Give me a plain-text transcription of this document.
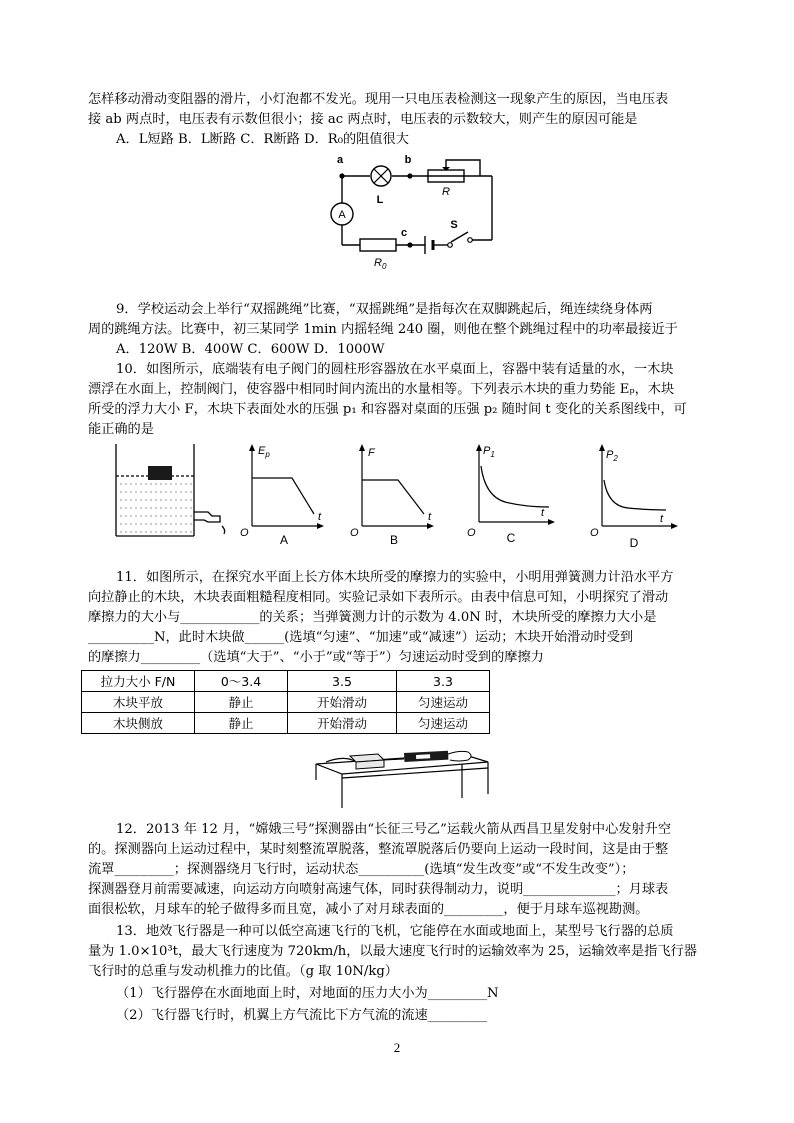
怎样移动滑动变阻器的滑片，小灯泡都不发光。现用一只电压表检测这一现象产生的原因，当电压表
接 ab 两点时，电压表有示数但很小；接 ac 两点时，电压表的示数较大，则产生的原因可能是
A．L短路 B．L断路 C．R断路 D．R₀的阻值很大
A
a	b
c
L
R
S
$R_0$
9．学校运动会上举行“双摇跳绳”比赛，“双摇跳绳”是指每次在双脚跳起后，绳连续绕身体两
周的跳绳方法。比赛中，初三某同学 1min 内摇轻绳 240 圈，则他在整个跳绳过程中的功率最接近于
A．120W B．400W C．600W D．1000W
10．如图所示，底端装有电子阀门的圆柱形容器放在水平桌面上，容器中装有适量的水，一木块
漂浮在水面上，控制阀门，使容器中相同时间内流出的水量相等。下列表示木块的重力势能 Eₚ，木块
所受的浮力大小 F，木块下表面处水的压强 p₁ 和容器对桌面的压强 p₂ 随时间 t 变化的关系图线中，可
能正确的是
$E_p$
t
O	A
F
t
O	B
$P_1$
t
O	C
$P_2$
t
O
D
11．如图所示，在探究水平面上长方体木块所受的摩擦力的实验中，小明用弹簧测力计沿水平方
向拉静止的木块，木块表面粗糙程度相同。实验记录如下表所示。由表中信息可知，小明探究了滑动
摩擦力的大小与____________的关系；当弹簧测力计的示数为 4.0N 时，木块所受的摩擦力大小是
__________N，此时木块做______(选填“匀速”、“加速”或“减速”）运动；木块开始滑动时受到
的摩擦力_________（选填“大于”、“小于”或“等于”）匀速运动时受到的摩擦力
拉力大小 F/N	0～3.4	3.5	3.3
木块平放	静止	开始滑动	匀速运动
木块侧放	静止	开始滑动	匀速运动
12．2013 年 12 月，“嫦娥三号”探测器由“长征三号乙”运载火箭从西昌卫星发射中心发射升空
的。探测器向上运动过程中，某时刻整流罩脱落，整流罩脱落后仍要向上运动一段时间，这是由于整
流罩_________；探测器绕月飞行时，运动状态__________(选填“发生改变”或“不发生改变”）；
探测器登月前需要减速，向运动方向喷射高速气体，同时获得制动力，说明______________；月球表
面很松软，月球车的轮子做得多而且宽，减小了对月球表面的_________，便于月球车巡视勘测。
13．地效飞行器是一种可以低空高速飞行的飞机，它能停在水面或地面上，某型号飞行器的总质
量为 1.0×10³t，最大飞行速度为 720km/h，以最大速度飞行时的运输效率为 25，运输效率是指飞行器
飞行时的总重与发动机推力的比值。（g 取 10N/kg）
（1）飞行器停在水面地面上时，对地面的压力大小为_________N
（2）飞行器飞行时，机翼上方气流比下方气流的流速_________
2
